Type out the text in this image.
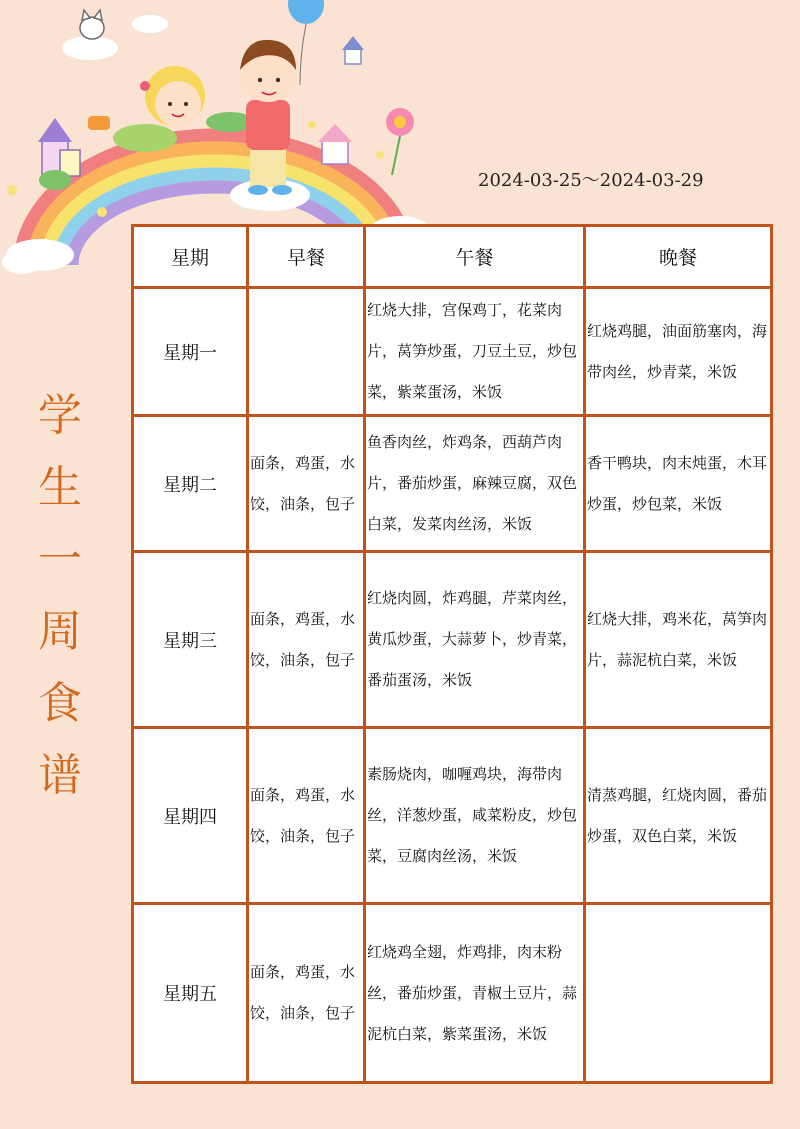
2024-03-25～2024-03-29
学
生
一
周
食
谱
星期	早餐	午餐	晚餐
星期一		红烧大排，宫保鸡丁，花菜肉片，莴笋炒蛋，刀豆土豆，炒包菜，紫菜蛋汤，米饭	红烧鸡腿，油面筋塞肉，海带肉丝，炒青菜，米饭
星期二	面条，鸡蛋，水饺，油条，包子	鱼香肉丝，炸鸡条，西葫芦肉片，番茄炒蛋，麻辣豆腐，双色白菜，发菜肉丝汤，米饭	香干鸭块，肉末炖蛋，木耳炒蛋，炒包菜，米饭
星期三	面条，鸡蛋，水饺，油条，包子	红烧肉圆，炸鸡腿，芹菜肉丝，黄瓜炒蛋，大蒜萝卜，炒青菜，番茄蛋汤，米饭	红烧大排，鸡米花，莴笋肉片，蒜泥杭白菜，米饭
星期四	面条，鸡蛋，水饺，油条，包子	素肠烧肉，咖喱鸡块，海带肉丝，洋葱炒蛋，咸菜粉皮，炒包菜，豆腐肉丝汤，米饭	清蒸鸡腿，红烧肉圆，番茄炒蛋，双色白菜，米饭
星期五	面条，鸡蛋，水饺，油条，包子	红烧鸡全翅，炸鸡排，肉末粉丝，番茄炒蛋，青椒土豆片，蒜泥杭白菜，紫菜蛋汤，米饭	
